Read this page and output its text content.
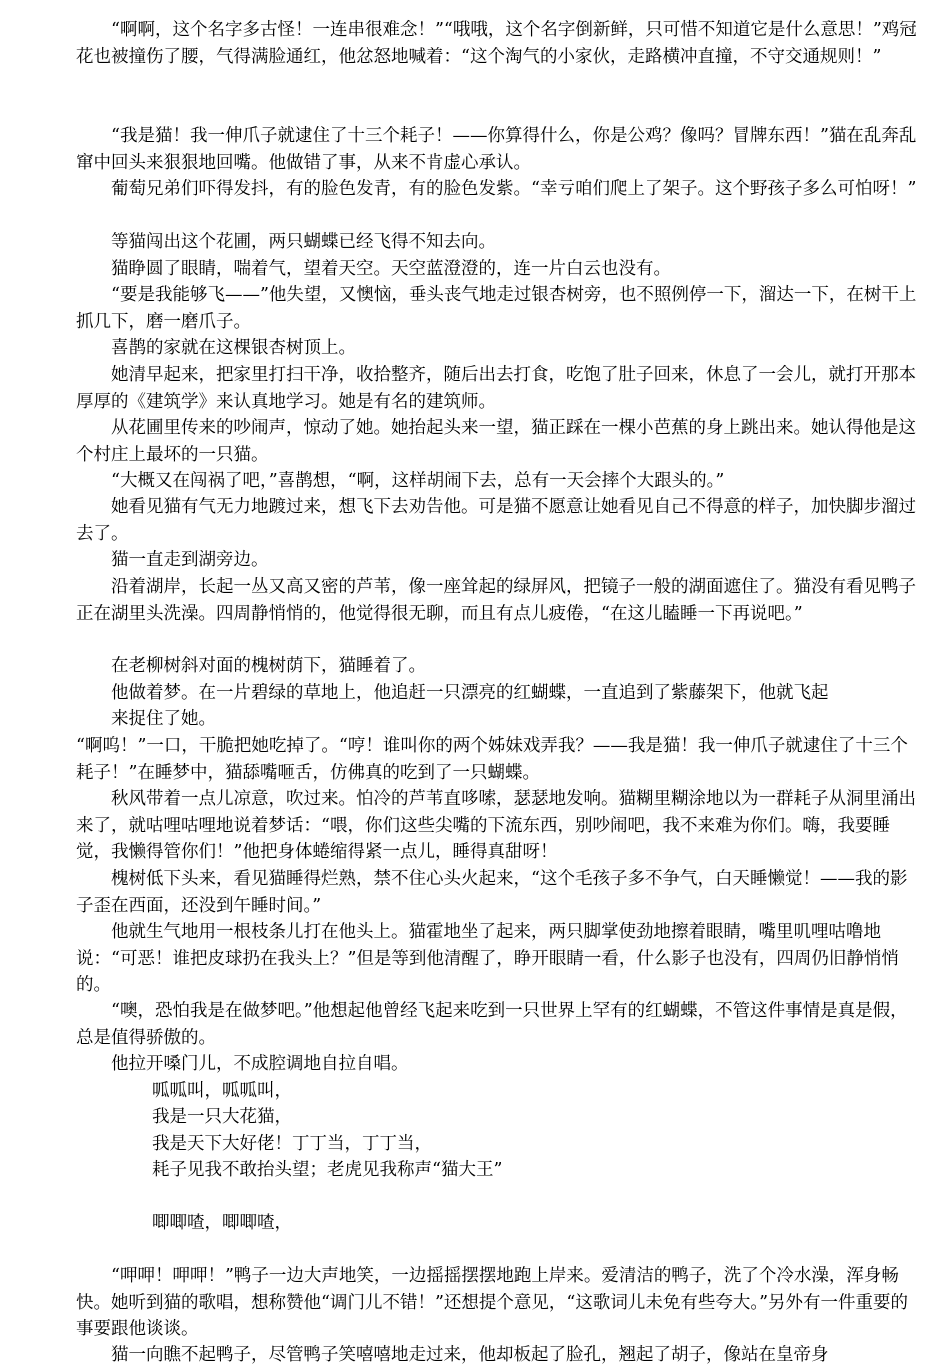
　　“啊啊，这个名字多古怪！一连串很难念！”“哦哦，这个名字倒新鲜，只可惜不知道它是什么意思！”鸡冠花也被撞伤了腰，气得满脸通红，他忿怒地喊着：“这个淘气的小家伙，走路横冲直撞，不守交通规则！”

　　“我是猫！我一伸爪子就逮住了十三个耗子！——你算得什么，你是公鸡？像吗？冒牌东西！”猫在乱奔乱窜中回头来狠狠地回嘴。他做错了事，从来不肯虚心承认。

　　葡萄兄弟们吓得发抖，有的脸色发青，有的脸色发紫。“幸亏咱们爬上了架子。这个野孩子多么可怕呀！”

　　等猫闯出这个花圃，两只蝴蝶已经飞得不知去向。

　　猫睁圆了眼睛，喘着气，望着天空。天空蓝澄澄的，连一片白云也没有。

　　“要是我能够飞——”他失望，又懊恼，垂头丧气地走过银杏树旁，也不照例停一下，溜达一下，在树干上抓几下，磨一磨爪子。

　　喜鹊的家就在这棵银杏树顶上。

　　她清早起来，把家里打扫干净，收拾整齐，随后出去打食，吃饱了肚子回来，休息了一会儿，就打开那本厚厚的《建筑学》来认真地学习。她是有名的建筑师。

　　从花圃里传来的吵闹声，惊动了她。她抬起头来一望，猫正踩在一棵小芭蕉的身上跳出来。她认得他是这个村庄上最坏的一只猫。

　　“大概又在闯祸了吧，”喜鹊想，“啊，这样胡闹下去，总有一天会摔个大跟头的。”

　　她看见猫有气无力地踱过来，想飞下去劝告他。可是猫不愿意让她看见自己不得意的样子，加快脚步溜过去了。

　　猫一直走到湖旁边。

　　沿着湖岸，长起一丛又高又密的芦苇，像一座耸起的绿屏风，把镜子一般的湖面遮住了。猫没有看见鸭子正在湖里头洗澡。四周静悄悄的，他觉得很无聊，而且有点儿疲倦，“在这儿瞌睡一下再说吧。”

　　在老柳树斜对面的槐树荫下，猫睡着了。

　　他做着梦。在一片碧绿的草地上，他追赶一只漂亮的红蝴蝶，一直追到了紫藤架下，他就飞起

　　来捉住了她。

“啊呜！”一口，干脆把她吃掉了。“哼！谁叫你的两个姊妹戏弄我？——我是猫！我一伸爪子就逮住了十三个耗子！”在睡梦中，猫舔嘴咂舌，仿佛真的吃到了一只蝴蝶。

　　秋风带着一点儿凉意，吹过来。怕冷的芦苇直哆嗦，瑟瑟地发响。猫糊里糊涂地以为一群耗子从洞里涌出来了，就咕哩咕哩地说着梦话：“喂，你们这些尖嘴的下流东西，别吵闹吧，我不来难为你们。嗨，我要睡觉，我懒得管你们！”他把身体蜷缩得紧一点儿，睡得真甜呀！

　　槐树低下头来，看见猫睡得烂熟，禁不住心头火起来，“这个毛孩子多不争气，白天睡懒觉！——我的影子歪在西面，还没到午睡时间。”

　　他就生气地用一根枝条儿打在他头上。猫霍地坐了起来，两只脚掌使劲地擦着眼睛，嘴里叽哩咕噜地说：“可恶！谁把皮球扔在我头上？”但是等到他清醒了，睁开眼睛一看，什么影子也没有，四周仍旧静悄悄的。

　　“噢，恐怕我是在做梦吧。”他想起他曾经飞起来吃到一只世界上罕有的红蝴蝶，不管这件事情是真是假，总是值得骄傲的。

　　他拉开嗓门儿，不成腔调地自拉自唱。

呱呱叫，呱呱叫，

我是一只大花猫，

我是天下大好佬！丁丁当，丁丁当，

耗子见我不敢抬头望；老虎见我称声“猫大王”

唧唧喳，唧唧喳，

　　“呷呷！呷呷！”鸭子一边大声地笑，一边摇摇摆摆地跑上岸来。爱清洁的鸭子，洗了个冷水澡，浑身畅快。她听到猫的歌唱，想称赞他“调门儿不错！”还想提个意见，“这歌词儿未免有些夸大。”另外有一件重要的事要跟他谈谈。

　　猫一向瞧不起鸭子，尽管鸭子笑嘻嘻地走过来，他却板起了脸孔，翘起了胡子，像站在皇帝身
